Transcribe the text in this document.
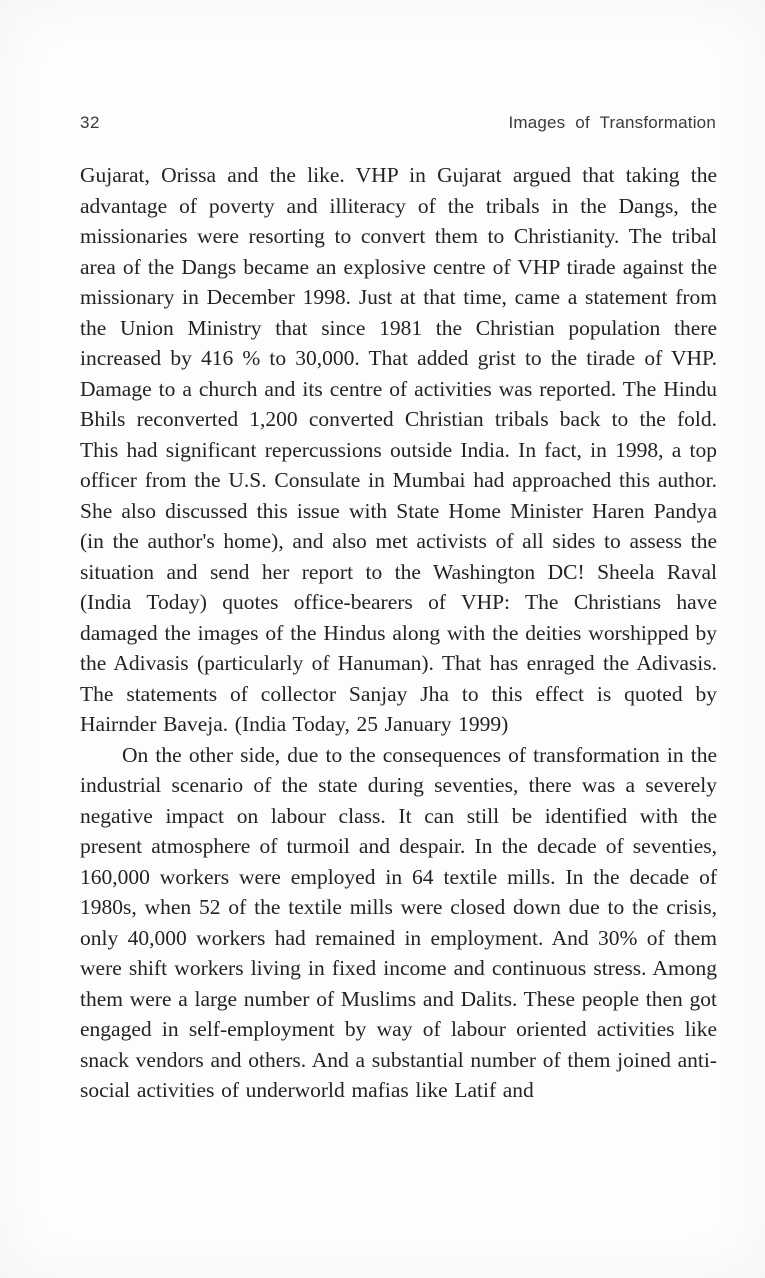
32	Images of Transformation

Gujarat, Orissa and the like. VHP in Gujarat argued that taking the advantage of poverty and illiteracy of the tribals in the Dangs, the missionaries were resorting to convert them to Christianity. The tribal area of the Dangs became an explosive centre of VHP tirade against the missionary in December 1998. Just at that time, came a statement from the Union Ministry that since 1981 the Christian population there increased by 416 % to 30,000. That added grist to the tirade of VHP. Damage to a church and its centre of activities was reported. The Hindu Bhils reconverted 1,200 converted Christian tribals back to the fold. This had significant repercussions outside India. In fact, in 1998, a top officer from the U.S. Consulate in Mumbai had approached this author. She also discussed this issue with State Home Minister Haren Pandya (in the author's home), and also met activists of all sides to assess the situation and send her report to the Washington DC! Sheela Raval (India Today) quotes office-bearers of VHP: The Christians have damaged the images of the Hindus along with the deities worshipped by the Adivasis (particularly of Hanuman). That has enraged the Adivasis. The statements of collector Sanjay Jha to this effect is quoted by Hairnder Baveja. (India Today, 25 January 1999)

On the other side, due to the consequences of transformation in the industrial scenario of the state during seventies, there was a severely negative impact on labour class. It can still be identified with the present atmosphere of turmoil and despair. In the decade of seventies, 160,000 workers were employed in 64 textile mills. In the decade of 1980s, when 52 of the textile mills were closed down due to the crisis, only 40,000 workers had remained in employment. And 30% of them were shift workers living in fixed income and continuous stress. Among them were a large number of Muslims and Dalits. These people then got engaged in self-employment by way of labour oriented activities like snack vendors and others. And a substantial number of them joined anti-social activities of underworld mafias like Latif and
